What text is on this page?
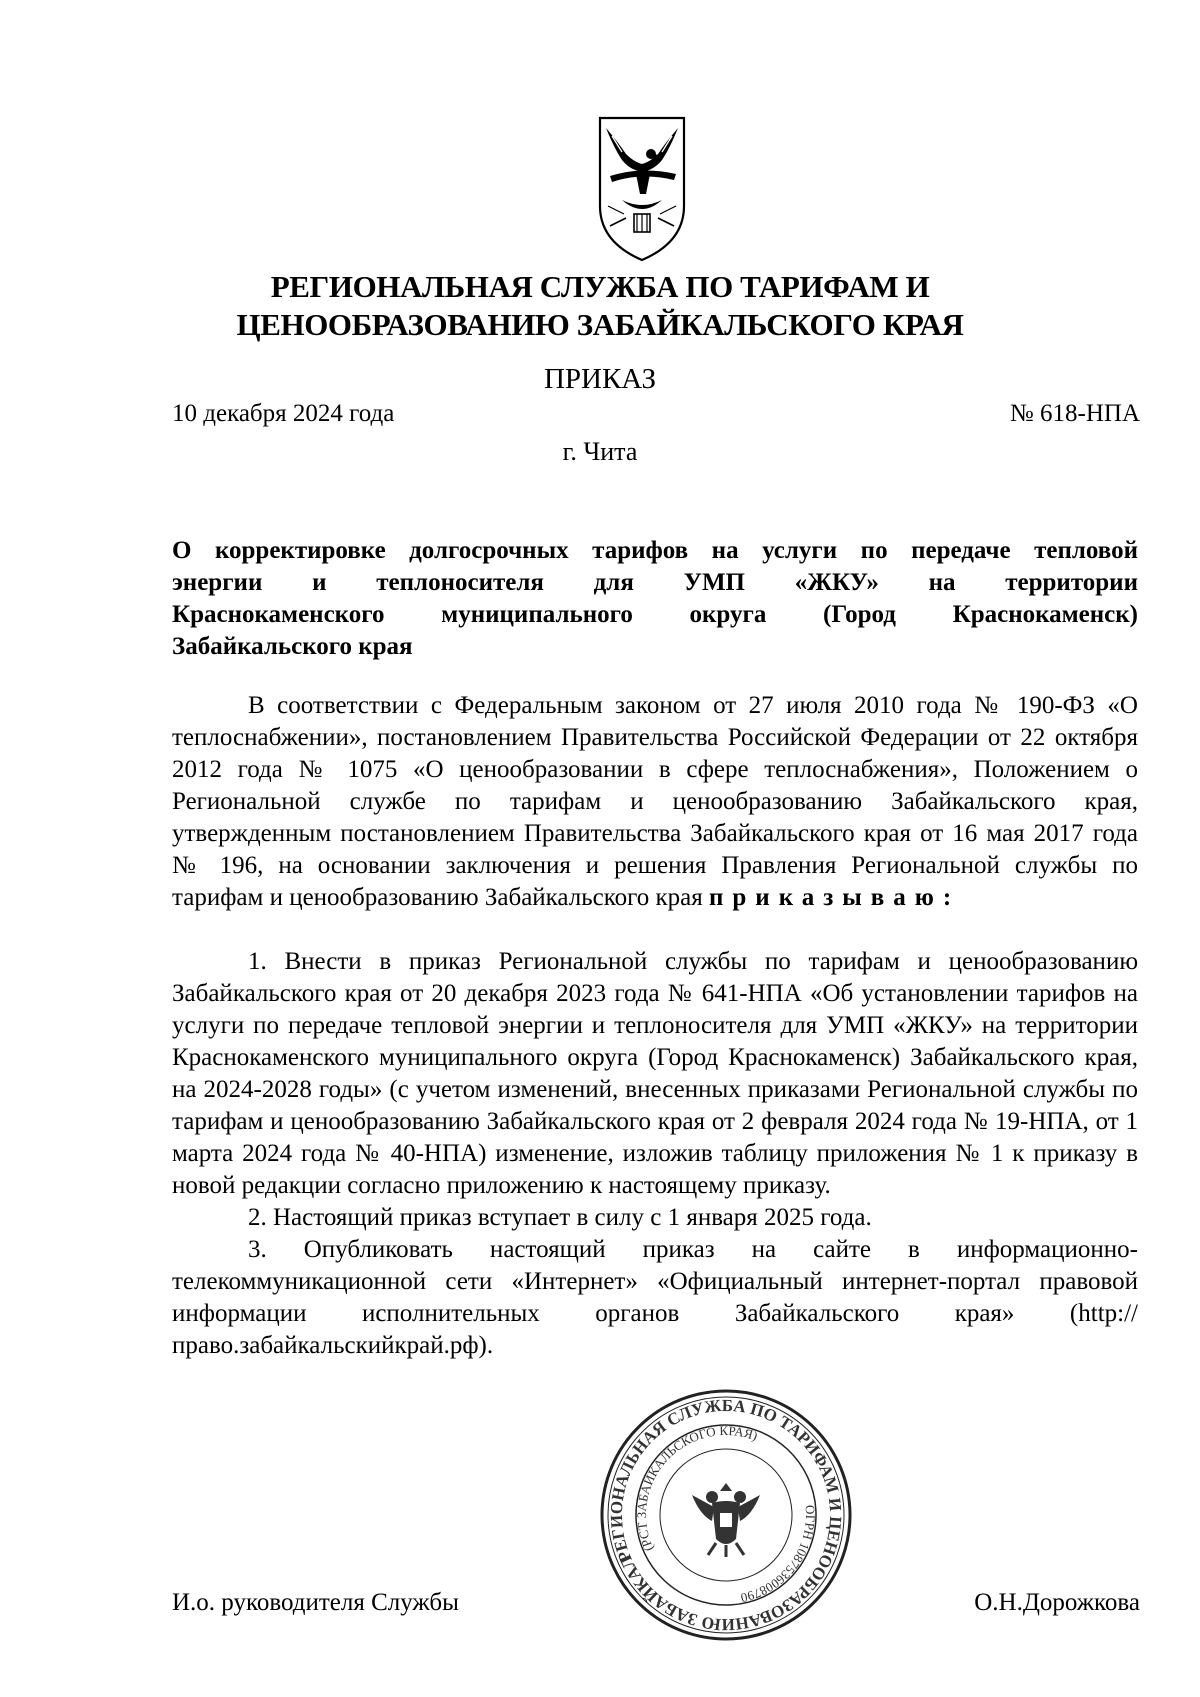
РЕГИОНАЛЬНАЯ СЛУЖБА ПО ТАРИФАМ И
ЦЕНООБРАЗОВАНИЮ ЗАБАЙКАЛЬСКОГО КРАЯ
ПРИКАЗ
10 декабря 2024 года	№ 618-НПА
г. Чита
О корректировке долгосрочных тарифов на услуги по передаче тепловой
энергии и теплоносителя для УМП «ЖКУ» на территории
Краснокаменского муниципального округа (Город Краснокаменск)
Забайкальского края

В соответствии с Федеральным законом от 27 июля 2010 года № 190-ФЗ «О теплоснабжении», постановлением Правительства Российской Федерации от 22 октября 2012 года № 1075 «О ценообразовании в сфере теплоснабжения», Положением о Региональной службе по тарифам и ценообразованию Забайкальского края, утвержденным постановлением Правительства Забайкальского края от 16 мая 2017 года № 196, на основании заключения и решения Правления Региональной службы по тарифам и ценообразованию Забайкальского края приказываю:

1. Внести в приказ Региональной службы по тарифам и ценообразованию Забайкальского края от 20 декабря 2023 года № 641-НПА «Об установлении тарифов на услуги по передаче тепловой энергии и теплоносителя для УМП «ЖКУ» на территории Краснокаменского муниципального округа (Город Краснокаменск) Забайкальского края, на 2024-2028 годы» (с учетом изменений, внесенных приказами Региональной службы по тарифам и ценообразованию Забайкальского края от 2 февраля 2024 года № 19-НПА, от 1 марта 2024 года № 40-НПА) изменение, изложив таблицу приложения № 1 к приказу в новой редакции согласно приложению к настоящему приказу.

2. Настоящий приказ вступает в силу с 1 января 2025 года.

3. Опубликовать настоящий приказ на сайте в информационно-телекоммуникационной сети «Интернет» «Официальный интернет-портал правовой информации исполнительных органов Забайкальского края» (http://право.забайкальскийкрай.рф).

И.о. руководителя Службы	О.Н.Дорожкова
РЕГИОНАЛЬНАЯ СЛУЖБА ПО ТАРИФАМ И ЦЕНООБРАЗОВАНИЮ ЗАБАЙКАЛЬСКОГО
(РСТ ЗАБАЙКАЛЬСКОГО КРАЯ)
ОГРН 1087536008790
